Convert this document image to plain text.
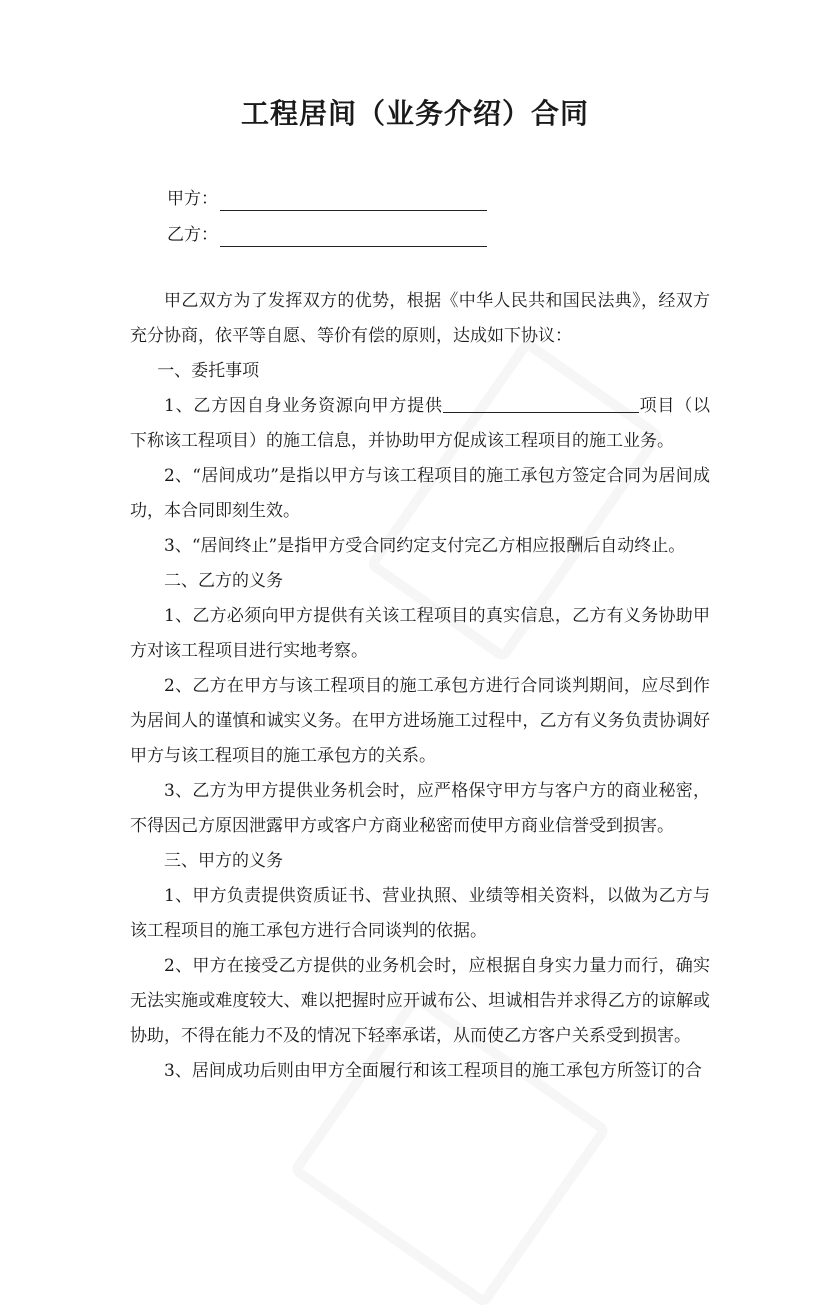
工程居间（业务介绍）合同
甲方：
乙方：

甲乙双方为了发挥双方的优势，根据《中华人民共和国民法典》，经双方充分协商，依平等自愿、等价有偿的原则，达成如下协议：

一、委托事项

1、乙方因自身业务资源向甲方提供	项目（以下称该工程项目）的施工信息，并协助甲方促成该工程项目的施工业务。

2、“居间成功”是指以甲方与该工程项目的施工承包方签定合同为居间成功，本合同即刻生效。

3、“居间终止”是指甲方受合同约定支付完乙方相应报酬后自动终止。

二、乙方的义务

1、乙方必须向甲方提供有关该工程项目的真实信息，乙方有义务协助甲方对该工程项目进行实地考察。

2、乙方在甲方与该工程项目的施工承包方进行合同谈判期间，应尽到作为居间人的谨慎和诚实义务。在甲方进场施工过程中，乙方有义务负责协调好甲方与该工程项目的施工承包方的关系。

3、乙方为甲方提供业务机会时，应严格保守甲方与客户方的商业秘密，不得因己方原因泄露甲方或客户方商业秘密而使甲方商业信誉受到损害。

三、甲方的义务

1、甲方负责提供资质证书、营业执照、业绩等相关资料，以做为乙方与该工程项目的施工承包方进行合同谈判的依据。

2、甲方在接受乙方提供的业务机会时，应根据自身实力量力而行，确实无法实施或难度较大、难以把握时应开诚布公、坦诚相告并求得乙方的谅解或协助，不得在能力不及的情况下轻率承诺，从而使乙方客户关系受到损害。

3、居间成功后则由甲方全面履行和该工程项目的施工承包方所签订的合
